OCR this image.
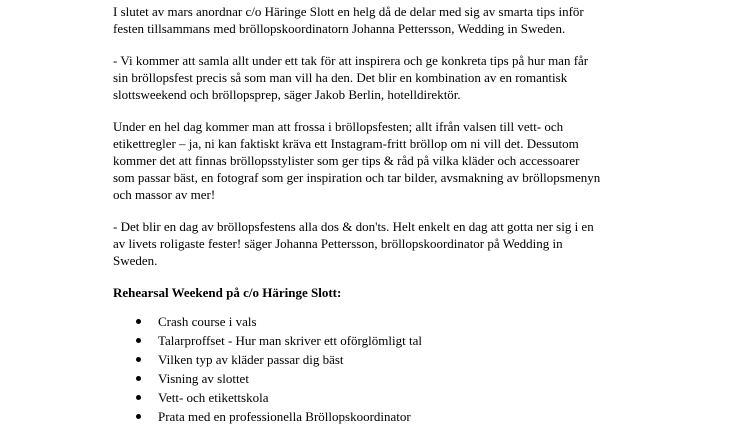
I slutet av mars anordnar c/o Häringe Slott en helg då de delar med sig av smarta tips inför
festen tillsammans med bröllopskoordinatorn Johanna Pettersson, Wedding in Sweden.

- Vi kommer att samla allt under ett tak för att inspirera och ge konkreta tips på hur man får
sin bröllopsfest precis så som man vill ha den. Det blir en kombination av en romantisk
slottsweekend och bröllopsprep, säger Jakob Berlin, hotelldirektör.

Under en hel dag kommer man att frossa i bröllopsfesten; allt ifrån valsen till vett- och
etikettregler – ja, ni kan faktiskt kräva ett Instagram-fritt bröllop om ni vill det. Dessutom
kommer det att finnas bröllopsstylister som ger tips & råd på vilka kläder och accessoarer
som passar bäst, en fotograf som ger inspiration och tar bilder, avsmakning av bröllopsmenyn
och massor av mer!

- Det blir en dag av bröllopsfestens alla dos & don'ts. Helt enkelt en dag att gotta ner sig i en
av livets roligaste fester! säger Johanna Pettersson, bröllopskoordinator på Wedding in
Sweden.

Rehearsal Weekend på c/o Häringe Slott:
Crash course i vals
Talarproffset - Hur man skriver ett oförglömligt tal
Vilken typ av kläder passar dig bäst
Visning av slottet
Vett- och etikettskola
Prata med en professionella Bröllopskoordinator
